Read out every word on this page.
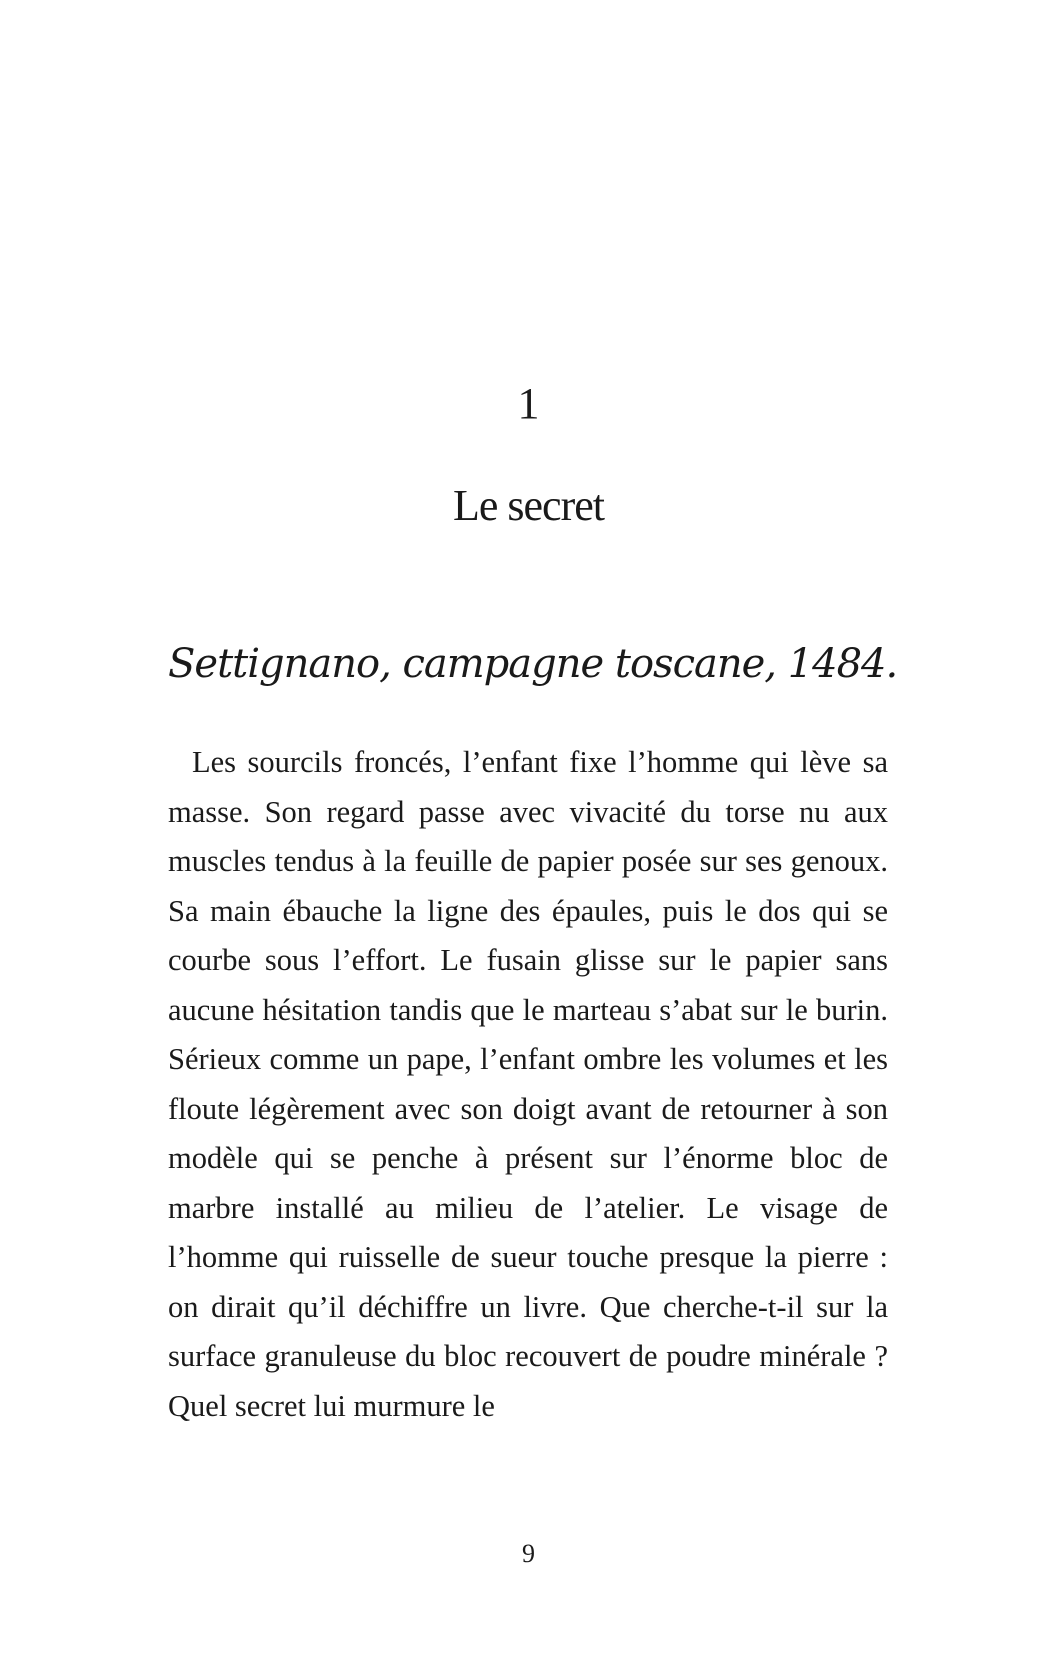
1
Le secret
Settignano, campagne toscane, 1484.

Les sourcils froncés, l’enfant fixe l’homme qui lève sa masse. Son regard passe avec vivacité du torse nu aux muscles tendus à la feuille de papier posée sur ses genoux. Sa main ébauche la ligne des épaules, puis le dos qui se courbe sous l’effort. Le fusain glisse sur le papier sans aucune hésitation tandis que le marteau s’abat sur le burin. Sérieux comme un pape, l’enfant ombre les volumes et les floute légèrement avec son doigt avant de retourner à son modèle qui se penche à présent sur l’énorme bloc de marbre installé au milieu de l’atelier. Le visage de l’homme qui ruisselle de sueur touche presque la pierre : on dirait qu’il déchiffre un livre. Que cherche-t-il sur la surface granuleuse du bloc recouvert de poudre minérale ? Quel secret lui murmure le

9
